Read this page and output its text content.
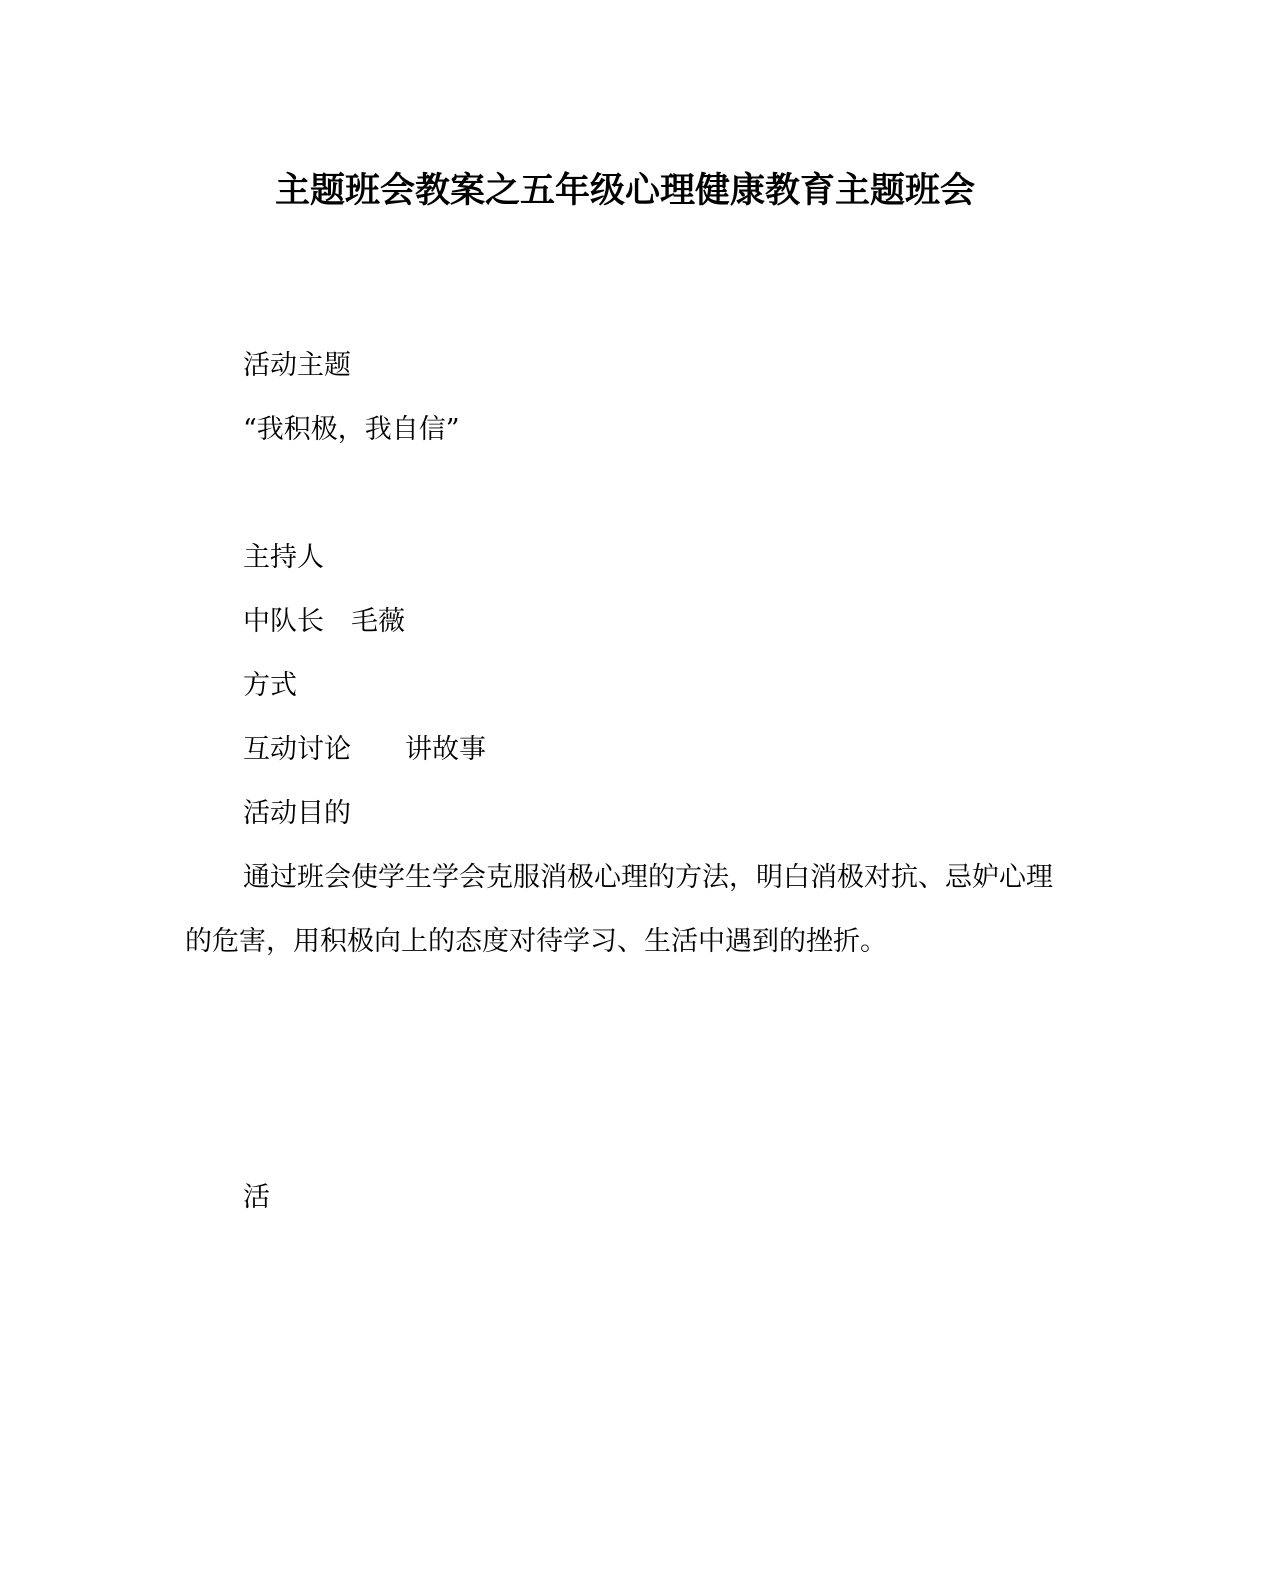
主题班会教案之五年级心理健康教育主题班会
活动主题
“我积极，我自信”
主持人
中队长　毛薇
方式
互动讨论　　讲故事
活动目的
通过班会使学生学会克服消极心理的方法，明白消极对抗、忌妒心理的危害，用积极向上的态度对待学习、生活中遇到的挫折。
活
